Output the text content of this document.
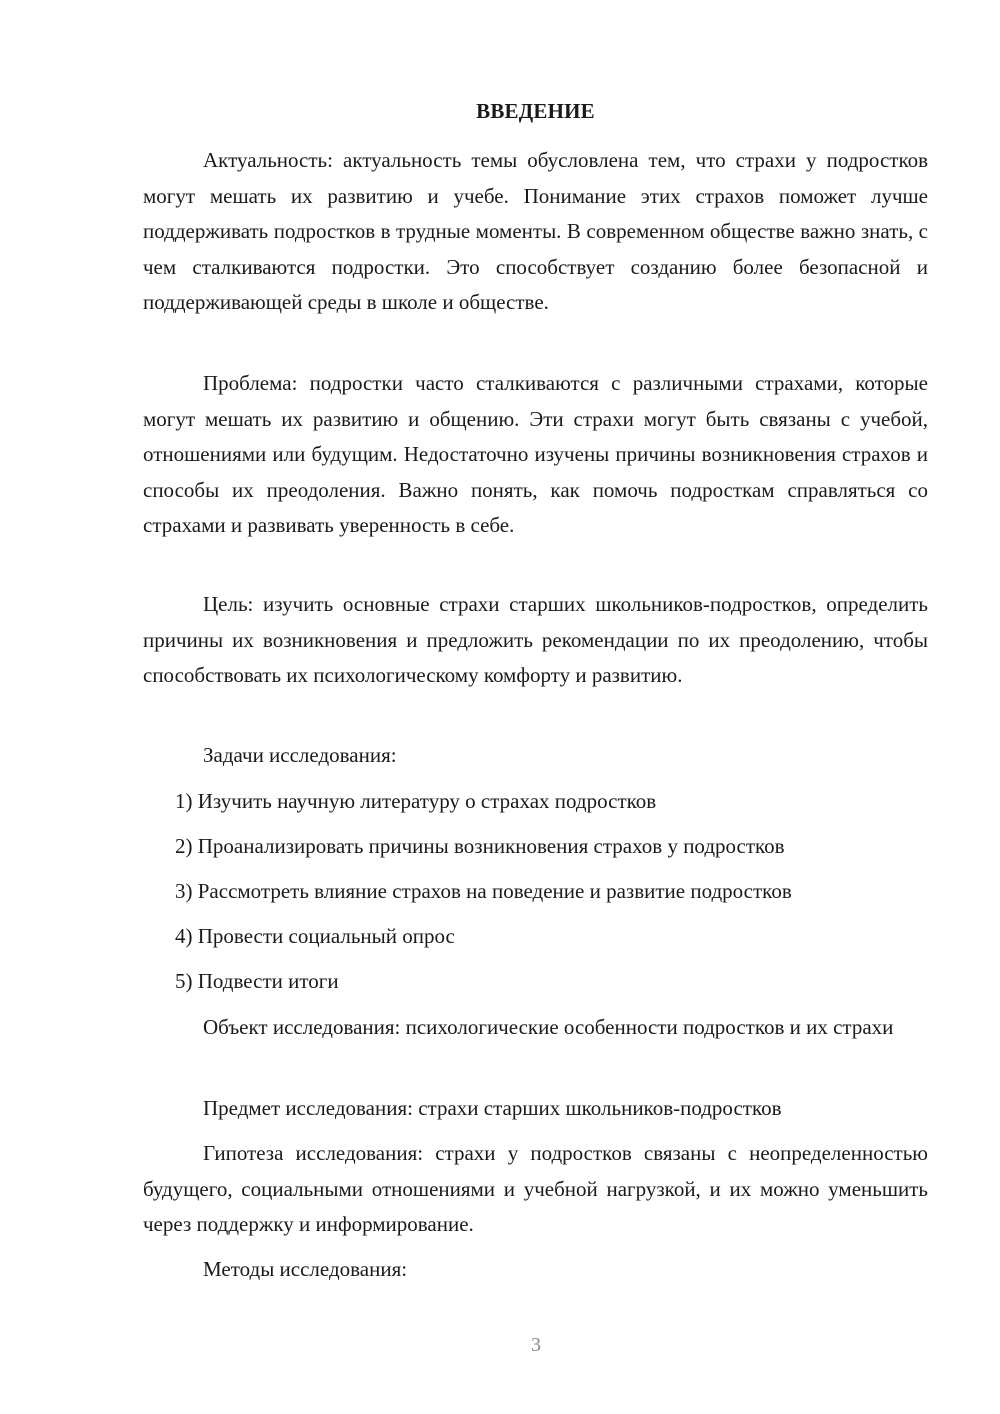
ВВЕДЕНИЕ

Актуальность: актуальность темы обусловлена тем, что страхи у подростков могут мешать их развитию и учебе. Понимание этих страхов поможет лучше поддерживать подростков в трудные моменты. В современном обществе важно знать, с чем сталкиваются подростки. Это способствует созданию более безопасной и поддерживающей среды в школе и обществе.

Проблема: подростки часто сталкиваются с различными страхами, которые могут мешать их развитию и общению. Эти страхи могут быть связаны с учебой, отношениями или будущим. Недостаточно изучены причины возникновения страхов и способы их преодоления. Важно понять, как помочь подросткам справляться со страхами и развивать уверенность в себе.

Цель: изучить основные страхи старших школьников-подростков, определить причины их возникновения и предложить рекомендации по их преодолению, чтобы способствовать их психологическому комфорту и развитию.

Задачи исследования:

1) Изучить научную литературу о страхах подростков

2) Проанализировать причины возникновения страхов у подростков

3) Рассмотреть влияние страхов на поведение и развитие подростков

4) Провести социальный опрос

5) Подвести итоги

Объект исследования: психологические особенности подростков и их страхи

Предмет исследования: страхи старших школьников-подростков

Гипотеза исследования: страхи у подростков связаны с неопределенностью будущего, социальными отношениями и учебной нагрузкой, и их можно уменьшить через поддержку и информирование.

Методы исследования:

3
